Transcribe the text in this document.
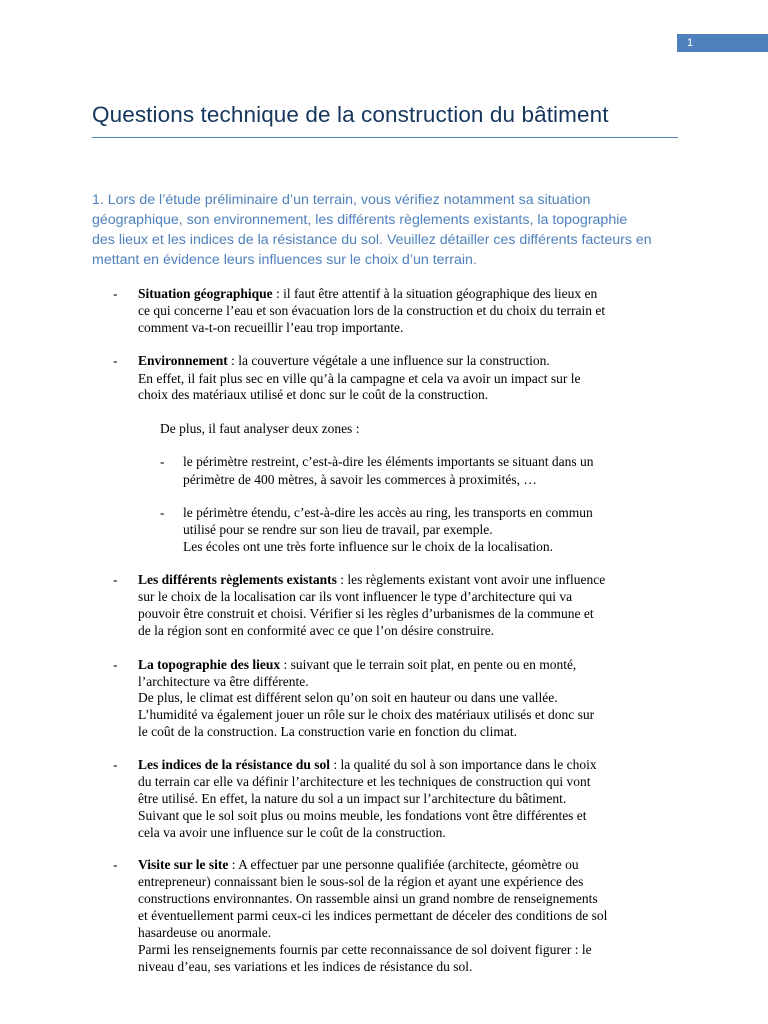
1
Questions technique de la construction du bâtiment
1. Lors de l’étude préliminaire d’un terrain, vous vérifiez notamment sa situation
géographique, son environnement, les différents règlements existants, la topographie
des lieux et les indices de la résistance du sol. Veuillez détailler ces différents facteurs en
mettant en évidence leurs influences sur le choix d’un terrain.
- Situation géographique : il faut être attentif à la situation géographique des lieux en
ce qui concerne l’eau et son évacuation lors de la construction et du choix du terrain et
comment va-t-on recueillir l’eau trop importante.
- Environnement : la couverture végétale a une influence sur la construction.
En effet, il fait plus sec en ville qu’à la campagne et cela va avoir un impact sur le
choix des matériaux utilisé et donc sur le coût de la construction.
De plus, il faut analyser deux zones :
- le périmètre restreint, c’est-à-dire les éléments importants se situant dans un
périmètre de 400 mètres, à savoir les commerces à proximités, …
- le périmètre étendu, c’est-à-dire les accès au ring, les transports en commun
utilisé pour se rendre sur son lieu de travail, par exemple.
Les écoles ont une très forte influence sur le choix de la localisation.
- Les différents règlements existants : les règlements existant vont avoir une influence
sur le choix de la localisation car ils vont influencer le type d’architecture qui va
pouvoir être construit et choisi. Vérifier si les règles d’urbanismes de la commune et
de la région sont en conformité avec ce que l’on désire construire.
- La topographie des lieux : suivant que le terrain soit plat, en pente ou en monté,
l’architecture va être différente.
De plus, le climat est différent selon qu’on soit en hauteur ou dans une vallée.
L’humidité va également jouer un rôle sur le choix des matériaux utilisés et donc sur
le coût de la construction. La construction varie en fonction du climat.
- Les indices de la résistance du sol : la qualité du sol à son importance dans le choix
du terrain car elle va définir l’architecture et les techniques de construction qui vont
être utilisé. En effet, la nature du sol a un impact sur l’architecture du bâtiment.
Suivant que le sol soit plus ou moins meuble, les fondations vont être différentes et
cela va avoir une influence sur le coût de la construction.
- Visite sur le site : A effectuer par une personne qualifiée (architecte, géomètre ou
entrepreneur) connaissant bien le sous-sol de la région et ayant une expérience des
constructions environnantes. On rassemble ainsi un grand nombre de renseignements
et éventuellement parmi ceux-ci les indices permettant de déceler des conditions de sol
hasardeuse ou anormale.
Parmi les renseignements fournis par cette reconnaissance de sol doivent figurer : le
niveau d’eau, ses variations et les indices de résistance du sol.
